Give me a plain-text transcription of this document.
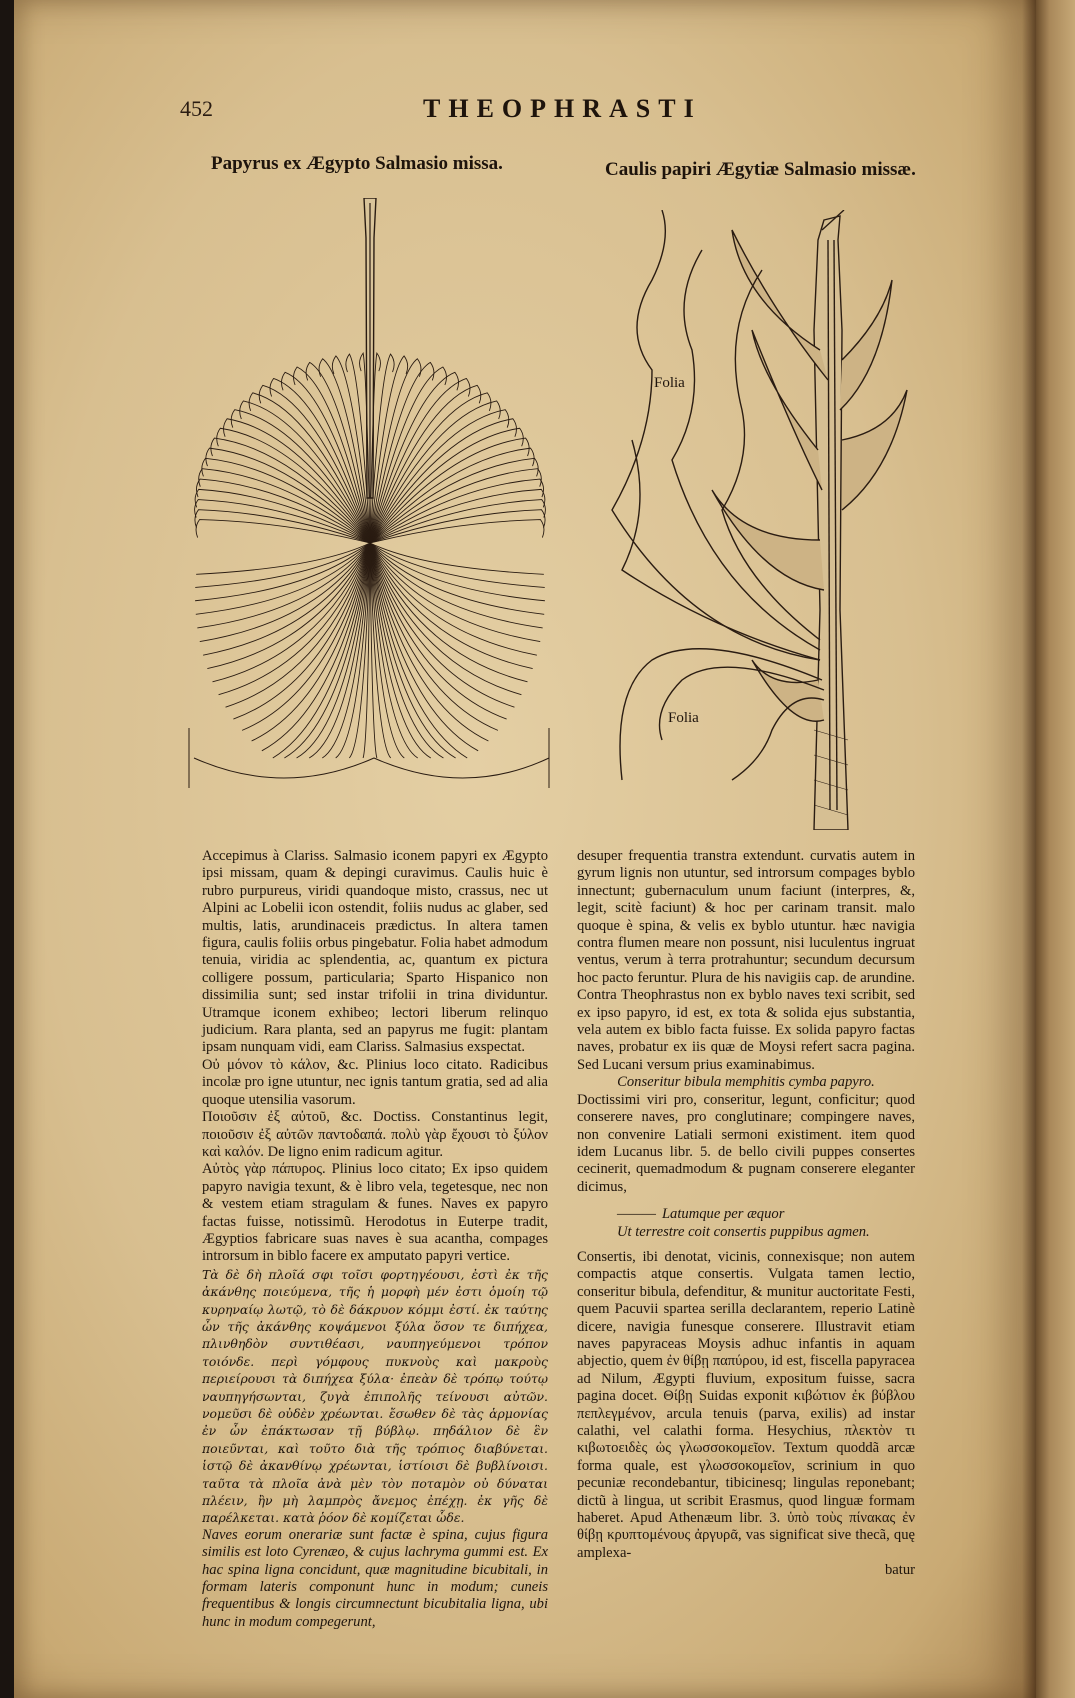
452	THEOPHRASTI
Papyrus ex Ægypto Salmasio missa.	Caulis papiri Ægytiæ Salmasio missæ.
Folia
Folia

Accepimus à Clariss. Salmasio iconem papyri ex Ægypto ipsi missam, quam & depingi curavimus. Caulis huic è rubro purpureus, viridi quandoque misto, crassus, nec ut Alpini ac Lobelii icon ostendit, foliis nudus ac glaber, sed multis, latis, arundinaceis prædictus. In altera tamen figura, caulis foliis orbus pingebatur. Folia habet admodum tenuia, viridia ac splendentia, ac, quantum ex pictura colligere possum, particularia; Sparto Hispanico non dissimilia sunt; sed instar trifolii in trina dividuntur. Utramque iconem exhibeo; lectori liberum relinquo judicium. Rara planta, sed an papyrus me fugit: plantam ipsam nunquam vidi, eam Clariss. Salmasius exspectat.

Οὐ μόνον τὸ κάλον, &c. Plinius loco citato. Radicibus incolæ pro igne utuntur, nec ignis tantum gratia, sed ad alia quoque utensilia vasorum.

Ποιοῦσιν ἐξ αὐτοῦ, &c. Doctiss. Constantinus legit, ποιοῦσιν ἐξ αὐτῶν παντοδαπά. πολὺ γὰρ ἔχουσι τὸ ξύλον καὶ καλόν. De ligno enim radicum agitur.

Αὐτὸς γὰρ πάπυρος. Plinius loco citato; Ex ipso quidem papyro navigia texunt, & è libro vela, tegetesque, nec non & vestem etiam stragulam & funes. Naves ex papyro factas fuisse, notissimũ. Herodotus in Euterpe tradit, Ægyptios fabricare suas naves è sua acantha, compages introrsum in biblo facere ex amputato papyri vertice.

Τὰ δὲ δὴ πλοῖά σφι τοῖσι φορτηγέουσι, ἐστὶ ἐκ τῆς ἀκάνθης ποιεύμενα, τῆς ἡ μορφὴ μέν ἐστι ὁμοίη τῷ κυρηναίῳ λωτῷ, τὸ δὲ δάκρυον κόμμι ἐστί. ἐκ ταύτης ὦν τῆς ἀκάνθης κοψάμενοι ξύλα ὅσον τε διπήχεα, πλινθηδὸν συντιθέασι, ναυπηγεύμενοι τρόπον τοιόνδε. περὶ γόμφους πυκνοὺς καὶ μακροὺς περιείρουσι τὰ διπήχεα ξύλα· ἐπεὰν δὲ τρόπῳ τούτῳ ναυπηγήσωνται, ζυγὰ ἐπιπολῆς τείνουσι αὐτῶν. νομεῦσι δὲ οὐδὲν χρέωνται. ἔσωθεν δὲ τὰς ἁρμονίας ἐν ὦν ἐπάκτωσαν τῇ βύβλῳ. πηδάλιον δὲ ἓν ποιεῦνται, καὶ τοῦτο διὰ τῆς τρόπιος διαβύνεται. ἱστῷ δὲ ἀκανθίνῳ χρέωνται, ἱστίοισι δὲ βυβλίνοισι. ταῦτα τὰ πλοῖα ἀνὰ μὲν τὸν ποταμὸν οὐ δύναται πλέειν, ἢν μὴ λαμπρὸς ἄνεμος ἐπέχῃ. ἐκ γῆς δὲ παρέλκεται. κατὰ ῥόον δὲ κομίζεται ὧδε.

Naves eorum onerariæ sunt factæ è spina, cujus figura similis est loto Cyrenæo, & cujus lachryma gummi est. Ex hac spina ligna concidunt, quæ magnitudine bicubitali, in formam lateris componunt hunc in modum; cuneis frequentibus & longis circumnectunt bicubitalia ligna, ubi hunc in modum compegerunt,

desuper frequentia transtra extendunt. curvatis autem in gyrum lignis non utuntur, sed introrsum compages byblo innectunt; gubernaculum unum faciunt (interpres, &, legit, scitè faciunt) & hoc per carinam transit. malo quoque è spina, & velis ex byblo utuntur. hæc navigia contra flumen meare non possunt, nisi luculentus ingruat ventus, verum à terra protrahuntur; secundum decursum hoc pacto feruntur. Plura de his navigiis cap. de arundine. Contra Theophrastus non ex byblo naves texi scribit, sed ex ipso papyro, id est, ex tota & solida ejus substantia, vela autem ex biblo facta fuisse. Ex solida papyro factas naves, probatur ex iis quæ de Moysi refert sacra pagina. Sed Lucani versum prius examinabimus.

Conseritur bibula memphitis cymba papyro.

Doctissimi viri pro, conseritur, legunt, conficitur; quod conserere naves, pro conglutinare; compingere naves, non convenire Latiali sermoni existiment. item quod idem Lucanus libr. 5. de bello civili puppes consertes cecinerit, quemadmodum & pugnam conserere eleganter dicimus,

——— Latumque per æquor
Ut terrestre coit consertis puppibus agmen.

Consertis, ibi denotat, vicinis, connexisque; non autem compactis atque consertis. Vulgata tamen lectio, conseritur bibula, defenditur, & munitur auctoritate Festi, quem Pacuvii spartea serilla declarantem, reperio Latinè dicere, navigia funesque conserere. Illustravit etiam naves papyraceas Moysis adhuc infantis in aquam abjectio, quem ἐν θίβῃ παπύρου, id est, fiscella papyracea ad Nilum, Ægypti fluvium, expositum fuisse, sacra pagina docet. Θίβῃ Suidas exponit κιβώτιον ἐκ βύβλου πεπλεγμένον, arcula tenuis (parva, exilis) ad instar calathi, vel calathi forma. Hesychius, πλεκτὸν τι κιβωτοειδὲς ὡς γλωσσοκομεῖον. Textum quoddã arcæ forma quale, est γλωσσοκομεῖον, scrinium in quo pecuniæ recondebantur, tibicinesq; lingulas reponebant; dictũ à lingua, ut scribit Erasmus, quod linguæ formam haberet. Apud Athenæum libr. 3. ὑπὸ τοὺς πίνακας ἐν θίβῃ κρυπτομένους ἀργυρᾶ, vas significat sive thecã, quę amplexa-

batur
